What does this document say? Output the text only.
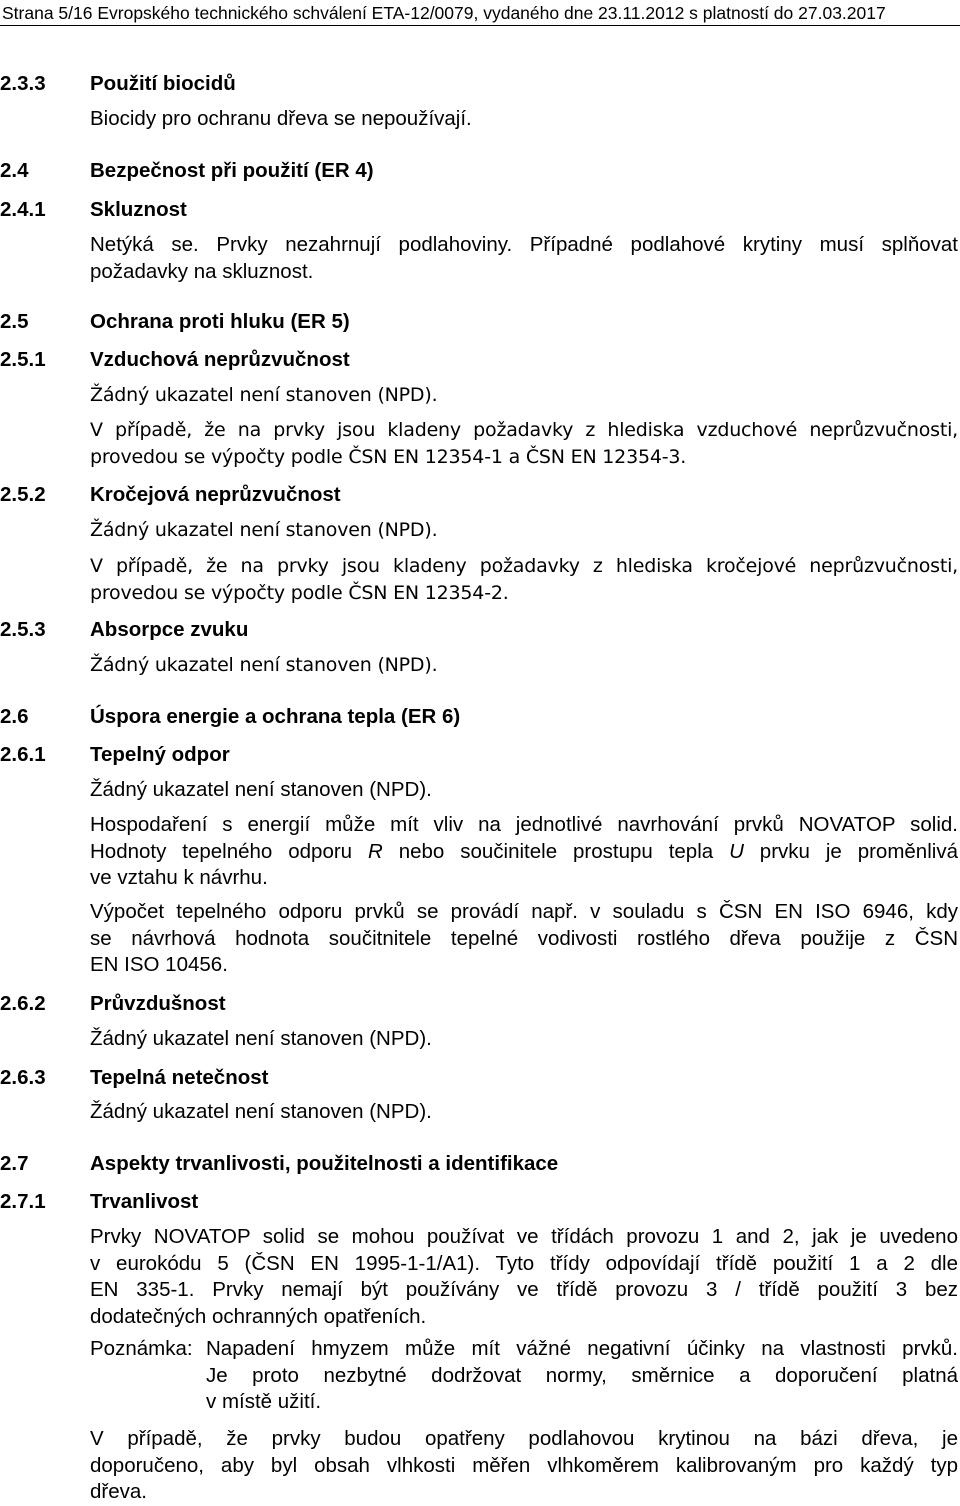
Strana 5/16 Evropského technického schválení ETA-12/0079, vydaného dne 23.11.2012 s platností do 27.03.2017
2.3.3 Použití biocidů
Biocidy pro ochranu dřeva se nepoužívají.
2.4	Bezpečnost při použití (ER 4)
2.4.1 Skluznost
Netýká se. Prvky nezahrnují podlahoviny. Případné podlahové krytiny musí splňovat
požadavky na skluznost.
2.5	Ochrana proti hluku (ER 5)
2.5.1 Vzduchová neprůzvučnost
Žádný ukazatel není stanoven (NPD).
V případě, že na prvky jsou kladeny požadavky z hlediska vzduchové neprůzvučnosti,
provedou se výpočty podle ČSN EN 12354-1 a ČSN EN 12354-3.
2.5.2 Kročejová neprůzvučnost
Žádný ukazatel není stanoven (NPD).
V případě, že na prvky jsou kladeny požadavky z hlediska kročejové neprůzvučnosti,
provedou se výpočty podle ČSN EN 12354-2.
2.5.3 Absorpce zvuku
Žádný ukazatel není stanoven (NPD).
2.6	Úspora energie a ochrana tepla (ER 6)
2.6.1 Tepelný odpor
Žádný ukazatel není stanoven (NPD).
Hospodaření s energií může mít vliv na jednotlivé navrhování prvků NOVATOP solid.
Hodnoty tepelného odporu R nebo součinitele prostupu tepla U prvku je proměnlivá
ve vztahu k návrhu.
Výpočet tepelného odporu prvků se provádí např. v souladu s ČSN EN ISO 6946, kdy
se návrhová hodnota součitnitele tepelné vodivosti rostlého dřeva použije z ČSN
EN ISO 10456.
2.6.2 Průvzdušnost
Žádný ukazatel není stanoven (NPD).
2.6.3 Tepelná netečnost
Žádný ukazatel není stanoven (NPD).
2.7	Aspekty trvanlivosti, použitelnosti a identifikace
2.7.1 Trvanlivost
Prvky NOVATOP solid se mohou používat ve třídách provozu 1 and 2, jak je uvedeno
v eurokódu 5 (ČSN EN 1995-1-1/A1). Tyto třídy odpovídají třídě použití 1 a 2 dle
EN 335-1. Prvky nemají být používány ve třídě provozu 3 / třídě použití 3 bez
dodatečných ochranných opatřeních.
Poznámka: Napadení hmyzem může mít vážné negativní účinky na vlastnosti prvků.
Je proto nezbytné dodržovat normy, směrnice a doporučení platná
v místě užití.
V případě, že prvky budou opatřeny podlahovou krytinou na bázi dřeva, je
doporučeno, aby byl obsah vlhkosti měřen vlhkoměrem kalibrovaným pro každý typ
dřeva.
